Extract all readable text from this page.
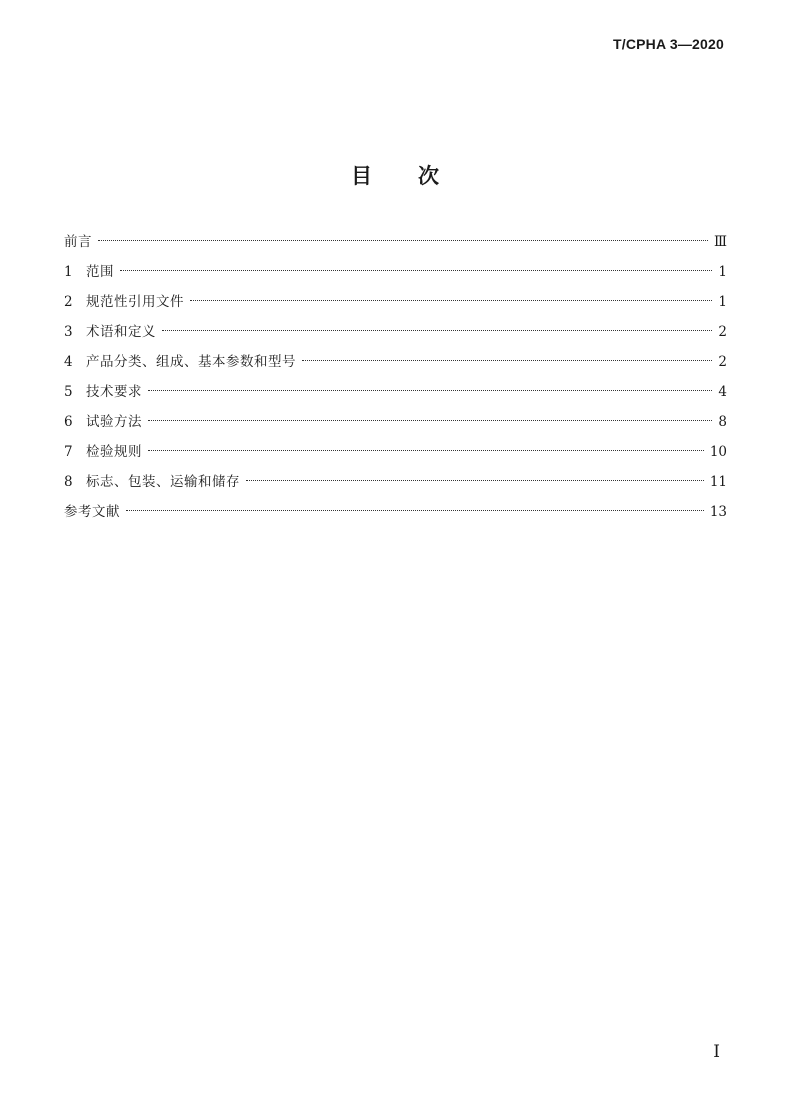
T/CPHA 3—2020
目 次
前言	Ⅲ
1 范围	1
2 规范性引用文件	1
3 术语和定义	2
4 产品分类、组成、基本参数和型号	2
5 技术要求	4
6 试验方法	8
7 检验规则	10
8 标志、包装、运输和储存	11
参考文献	13
Ⅰ
